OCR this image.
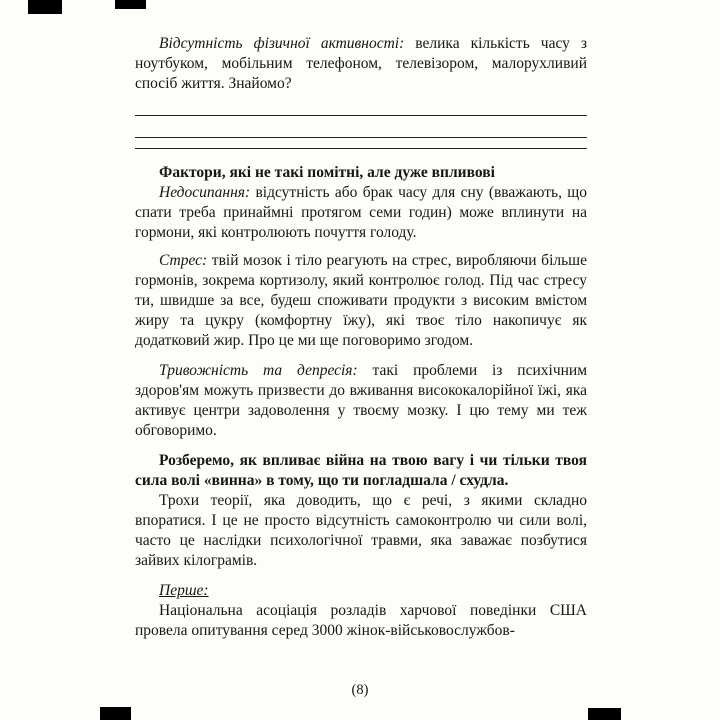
Відсутність фізичної активності: велика кількість часу з ноутбуком, мобільним телефоном, телевізором, малорухливий спосіб життя. Знайомо?

Фактори, які не такі помітні, але дуже впливові

Недосипання: відсутність або брак часу для сну (вважають, що спати треба принаймні протягом семи годин) може вплинути на гормони, які контролюють почуття голоду.

Стрес: твій мозок і тіло реагують на стрес, виробляючи більше гормонів, зокрема кортизолу, який контролює голод. Під час стресу ти, швидше за все, будеш споживати продукти з високим вмістом жиру та цукру (комфортну їжу), які твоє тіло накопичує як додатковий жир. Про це ми ще поговоримо згодом.

Тривожність та депресія: такі проблеми із психічним здоров'ям можуть призвести до вживання висококалорійної їжі, яка активує центри задоволення у твоєму мозку. І цю тему ми теж обговоримо.

Розберемо, як впливає війна на твою вагу і чи тільки твоя сила волі «винна» в тому, що ти погладшала / схудла.

Трохи теорії, яка доводить, що є речі, з якими складно впоратися. І це не просто відсутність самоконтролю чи сили волі, часто це наслідки психологічної травми, яка заважає позбутися зайвих кілограмів.

Перше:

Національна асоціація розладів харчової поведінки США провела опитування серед 3000 жінок-військовослужбов-

(8)
